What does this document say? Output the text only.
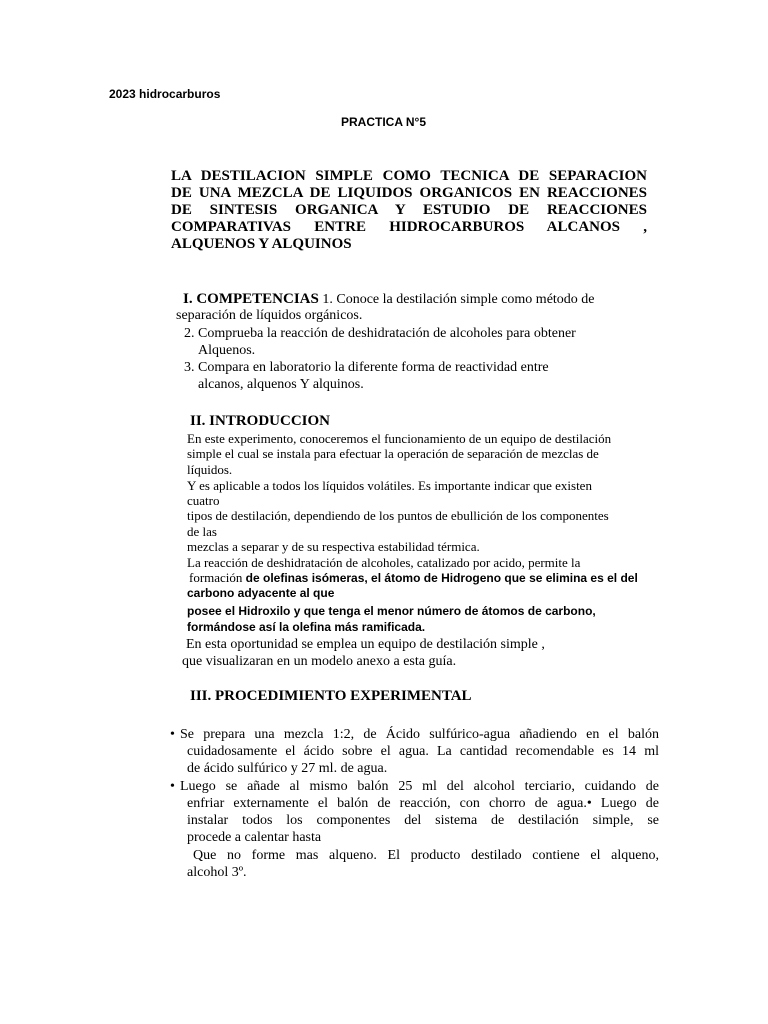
2023 hidrocarburos
PRACTICA N°5
LA DESTILACION SIMPLE COMO TECNICA DE SEPARACION
DE UNA MEZCLA DE LIQUIDOS ORGANICOS EN REACCIONES
DE SINTESIS ORGANICA Y ESTUDIO DE REACCIONES
COMPARATIVAS ENTRE HIDROCARBUROS ALCANOS ,
ALQUENOS Y ALQUINOS
I. COMPETENCIAS 1. Conoce la destilación simple como método de
separación de líquidos orgánicos.
2. Comprueba la reacción de deshidratación de alcoholes para obtener
Alquenos.
3. Compara en laboratorio la diferente forma de reactividad entre
alcanos, alquenos Y alquinos.
II. INTRODUCCION
En este experimento, conoceremos el funcionamiento de un equipo de destilación
simple el cual se instala para efectuar la operación de separación de mezclas de
líquidos.
Y es aplicable a todos los líquidos volátiles. Es importante indicar que existen
cuatro
tipos de destilación, dependiendo de los puntos de ebullición de los componentes
de las
mezclas a separar y de su respectiva estabilidad térmica.
La reacción de deshidratación de alcoholes, catalizado por acido, permite la
formación de olefinas isómeras, el átomo de Hidrogeno que se elimina es el del
carbono adyacente al que
posee el Hidroxilo y que tenga el menor número de átomos de carbono,
formándose así la olefina más ramificada.
En esta oportunidad se emplea un equipo de destilación simple ,
que visualizaran en un modelo anexo a esta guía.
III. PROCEDIMIENTO EXPERIMENTAL
• Se prepara una mezcla 1:2, de Ácido sulfúrico-agua añadiendo en el balón
cuidadosamente el ácido sobre el agua. La cantidad recomendable es 14 ml
de ácido sulfúrico y 27 ml. de agua.
• Luego se añade al mismo balón 25 ml del alcohol terciario, cuidando de
enfriar externamente el balón de reacción, con chorro de agua.• Luego de
instalar todos los componentes del sistema de destilación simple, se
procede a calentar hasta
Que no forme mas alqueno. El producto destilado contiene el alqueno,
alcohol 3º.
